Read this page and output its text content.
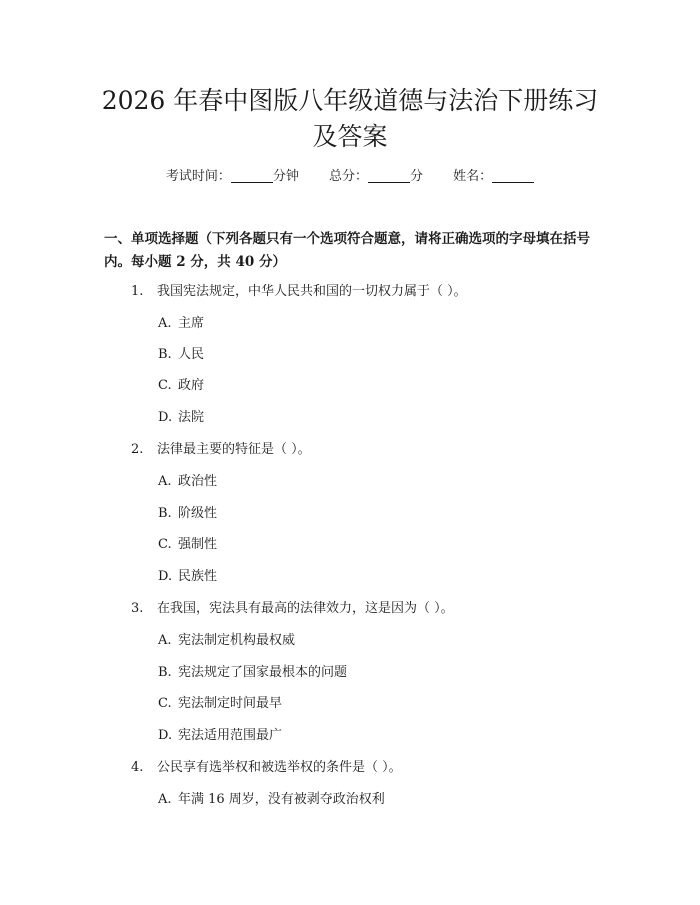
2026 年春中图版八年级道德与法治下册练习
及答案
考试时间：	分钟 总分：	分 姓名：

一、单项选择题（下列各题只有一个选项符合题意，请将正确选项的字母填在括号内。每小题 2 分，共 40 分）

1. 我国宪法规定，中华人民共和国的一切权力属于（ ）。
A. 主席
B. 人民
C. 政府
D. 法院
2. 法律最主要的特征是（ ）。
A. 政治性
B. 阶级性
C. 强制性
D. 民族性
3. 在我国，宪法具有最高的法律效力，这是因为（ ）。
A. 宪法制定机构最权威
B. 宪法规定了国家最根本的问题
C. 宪法制定时间最早
D. 宪法适用范围最广
4. 公民享有选举权和被选举权的条件是（ ）。
A. 年满 16 周岁，没有被剥夺政治权利
